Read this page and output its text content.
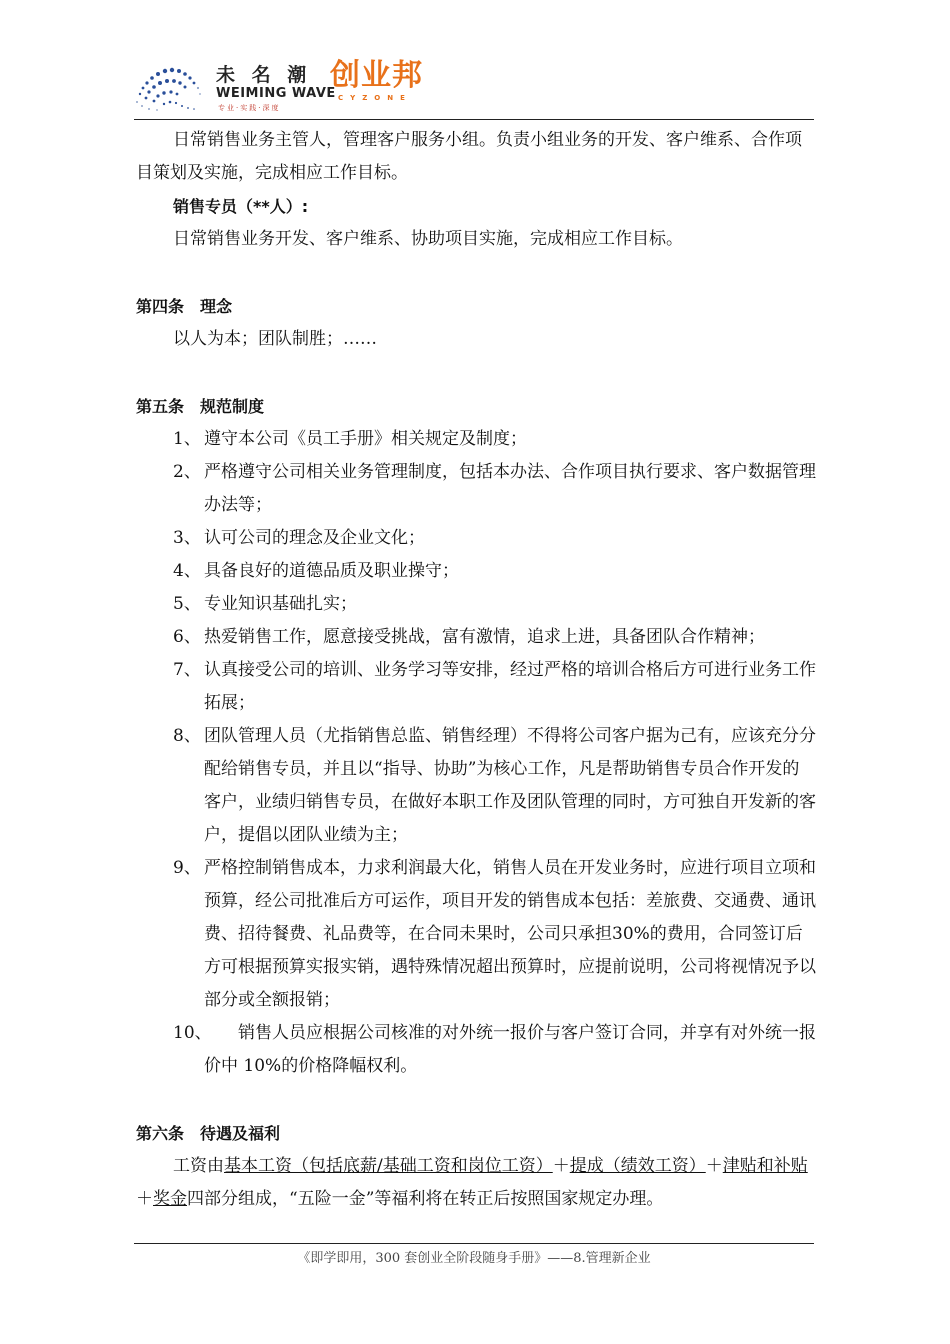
未 名 潮
WEIMING WAVE
专业·实践·深度
创业邦
CYZONE

日常销售业务主管人，管理客户服务小组。负责小组业务的开发、客户维系、合作项目策划及实施，完成相应工作目标。

销售专员（**人）:

日常销售业务开发、客户维系、协助项目实施，完成相应工作目标。

第四条　理念

以人为本；团队制胜；……

第五条　规范制度

1、 遵守本公司《员工手册》相关规定及制度；

2、 严格遵守公司相关业务管理制度，包括本办法、合作项目执行要求、客户数据管理办法等；

3、 认可公司的理念及企业文化；

4、 具备良好的道德品质及职业操守；

5、 专业知识基础扎实；

6、 热爱销售工作，愿意接受挑战，富有激情，追求上进，具备团队合作精神；

7、 认真接受公司的培训、业务学习等安排，经过严格的培训合格后方可进行业务工作拓展；

8、 团队管理人员（尤指销售总监、销售经理）不得将公司客户据为己有，应该充分分配给销售专员，并且以“指导、协助”为核心工作，凡是帮助销售专员合作开发的客户，业绩归销售专员，在做好本职工作及团队管理的同时，方可独自开发新的客户，提倡以团队业绩为主；

9、 严格控制销售成本，力求利润最大化，销售人员在开发业务时，应进行项目立项和预算，经公司批准后方可运作，项目开发的销售成本包括：差旅费、交通费、通讯费、招待餐费、礼品费等，在合同未果时，公司只承担30%的费用，合同签订后方可根据预算实报实销，遇特殊情况超出预算时，应提前说明，公司将视情况予以部分或全额报销；

10、
　　销售人员应根据公司核准的对外统一报价与客户签订合同，并享有对外统一报价中 10%的价格降幅权利。

第六条　待遇及福利

工资由基本工资（包括底薪/基础工资和岗位工资）＋提成（绩效工资）＋津贴和补贴＋奖金四部分组成，“五险一金”等福利将在转正后按照国家规定办理。

《即学即用，300 套创业全阶段随身手册》——8.管理新企业
